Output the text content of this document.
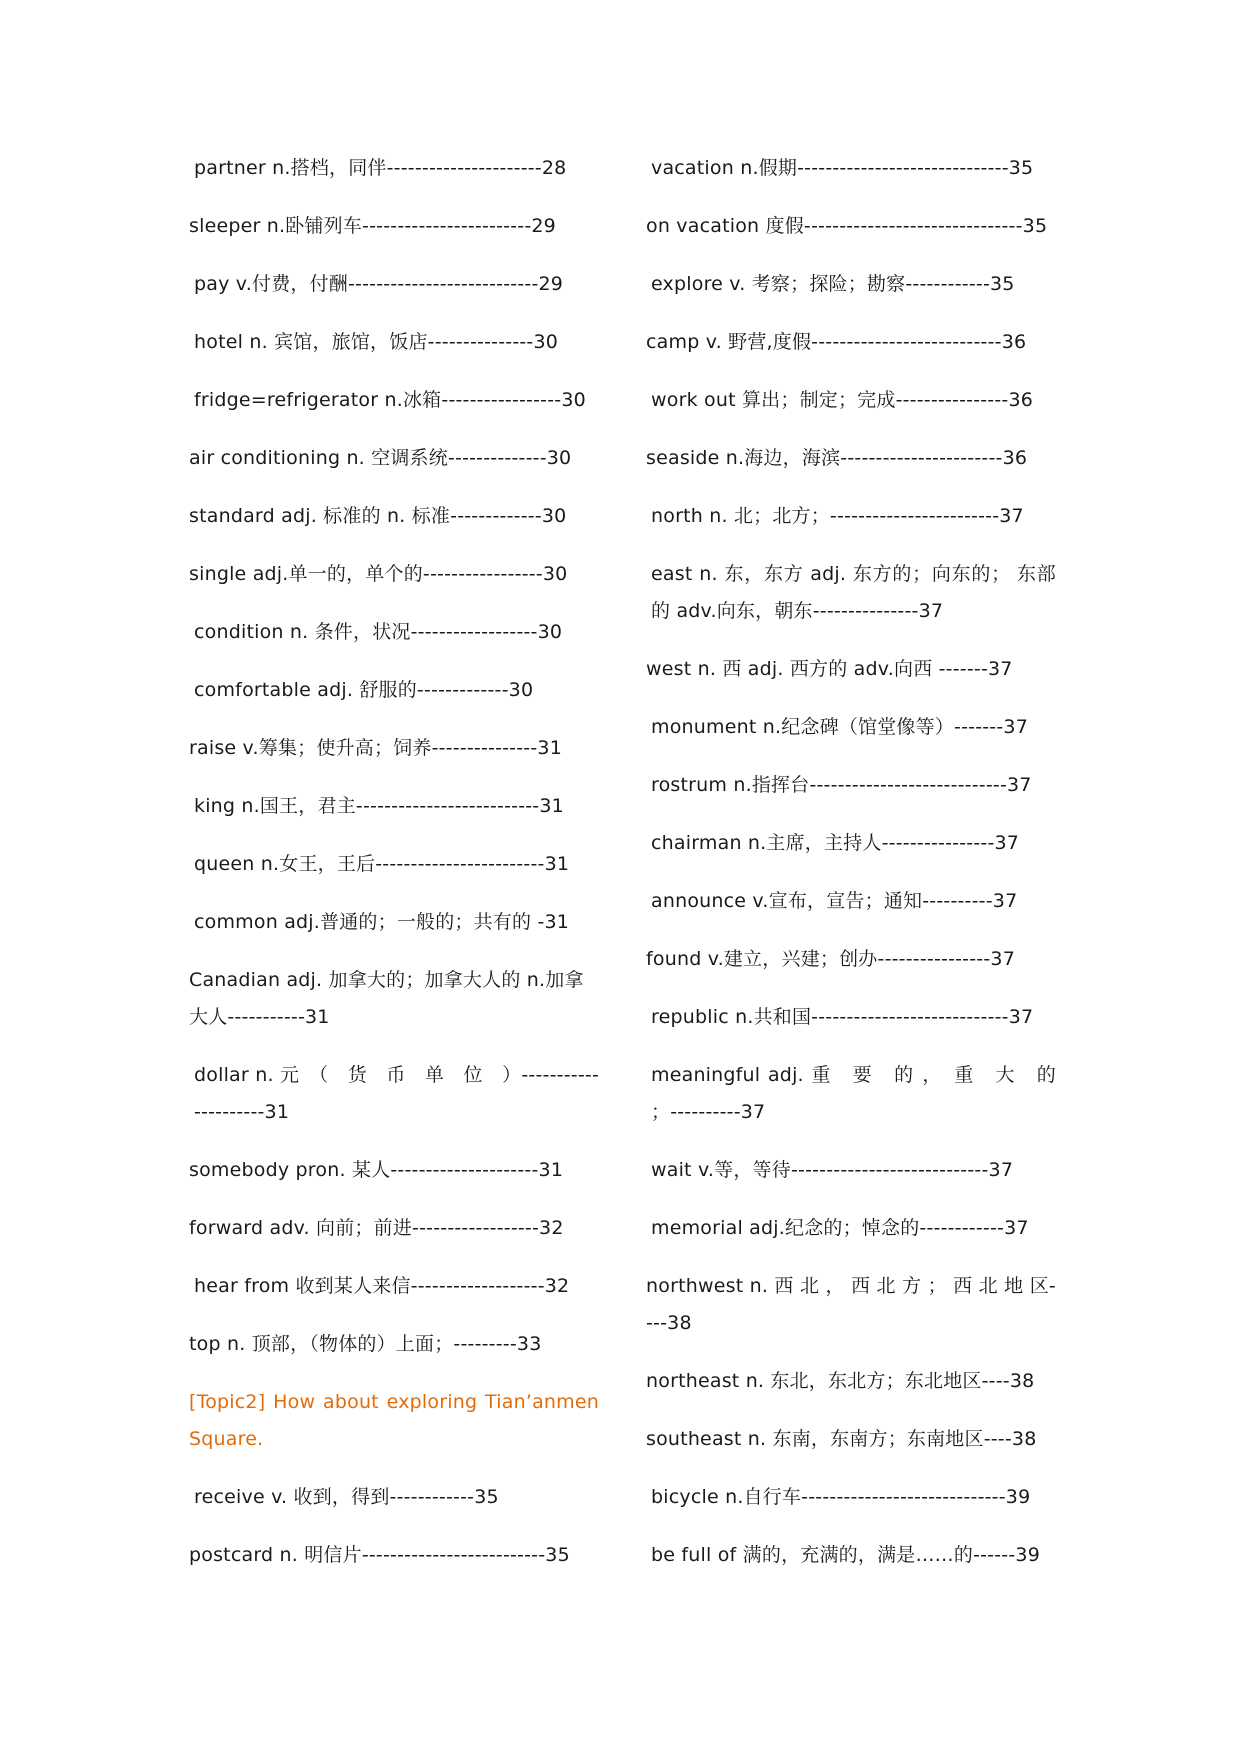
partner n.搭档，同伴----------------------28

sleeper n.卧铺列车------------------------29

pay v.付费，付酬---------------------------29

hotel n. 宾馆，旅馆，饭店---------------30

fridge=refrigerator n.冰箱-----------------30

air conditioning n. 空调系统--------------30

standard adj. 标准的 n. 标准-------------30

single adj.单一的，单个的-----------------30

condition n. 条件，状况------------------30

comfortable adj. 舒服的-------------30

raise v.筹集；使升高；饲养---------------31

king n.国王，君主--------------------------31

queen n.女王，王后------------------------31

common adj.普通的；一般的；共有的 -31

Canadian adj. 加拿大的；加拿大人的 n.加拿大人-----------31

dollar n. 元　（　货　币　单　位　）---------------------31

somebody pron. 某人---------------------31

forward adv. 向前；前进------------------32

hear from 收到某人来信-------------------32

top n. 顶部，（物体的）上面；---------33

[Topic2] How about exploring Tian’anmen Square.

receive v. 收到，得到------------35

postcard n. 明信片--------------------------35

vacation n.假期------------------------------35

on vacation 度假-------------------------------35

explore v. 考察；探险；勘察------------35

camp v. 野营,度假---------------------------36

work out 算出；制定；完成----------------36

seaside n.海边，海滨-----------------------36

north n. 北；北方；------------------------37

east n. 东，东方 adj. 东方的；向东的； 东部的 adv.向东，朝东---------------37

west n. 西 adj. 西方的 adv.向西 -------37

monument n.纪念碑（馆堂像等）-------37

rostrum n.指挥台----------------------------37

chairman n.主席，主持人----------------37

announce v.宣布，宣告；通知----------37

found v.建立，兴建；创办----------------37

republic n.共和国----------------------------37

meaningful adj. 重　要　的 ，　重　大　的 ；----------37

wait v.等，等待----------------------------37

memorial adj.纪念的；悼念的------------37

northwest n. 西 北 ， 西 北 方 ； 西 北 地 区----38

northeast n. 东北，东北方；东北地区----38

southeast n. 东南，东南方；东南地区----38

bicycle n.自行车-----------------------------39

be full of 满的，充满的，满是……的------39
